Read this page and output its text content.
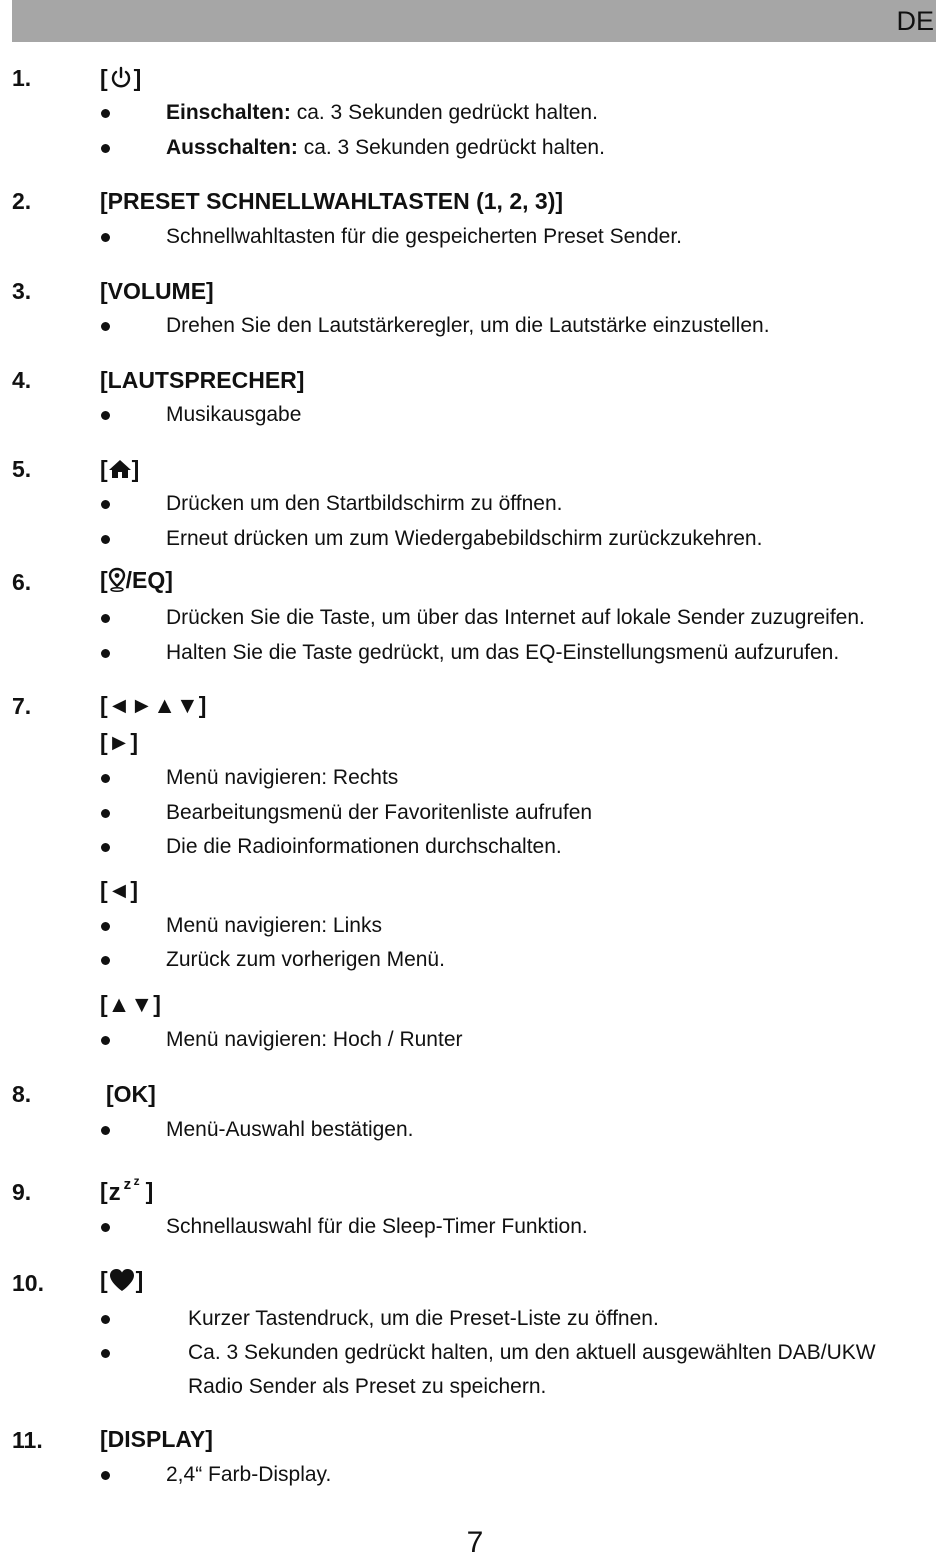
DE
1.	[ ]
Einschalten: ca. 3 Sekunden gedrückt halten.
Ausschalten: ca. 3 Sekunden gedrückt halten.
2.	[PRESET SCHNELLWAHLTASTEN (1, 2, 3)]
Schnellwahltasten für die gespeicherten Preset Sender.
3.	[VOLUME]
Drehen Sie den Lautstärkeregler, um die Lautstärke einzustellen.
4.	[LAUTSPRECHER]
Musikausgabe
5.	[ ]
Drücken um den Startbildschirm zu öffnen.
Erneut drücken um zum Wiedergabebildschirm zurückzukehren.
6.	[ /EQ]
Drücken Sie die Taste, um über das Internet auf lokale Sender zuzugreifen.
Halten Sie die Taste gedrückt, um das EQ-Einstellungsmenü aufzurufen.
7.	[◄►▲▼]
[►]
Menü navigieren: Rechts
Bearbeitungsmenü der Favoritenliste aufrufen
Die die Radioinformationen durchschalten.
[◄]
Menü navigieren: Links
Zurück zum vorherigen Menü.
[▲▼]
Menü navigieren: Hoch / Runter
8.	[OK]
Menü-Auswahl bestätigen.
9.	[ z z z ]
Schnellauswahl für die Sleep-Timer Funktion.
10. [ ]
Kurzer Tastendruck, um die Preset-Liste zu öffnen.
Ca. 3 Sekunden gedrückt halten, um den aktuell ausgewählten DAB/UKW
Radio Sender als Preset zu speichern.
11. [DISPLAY]
2,4“ Farb-Display.
7
